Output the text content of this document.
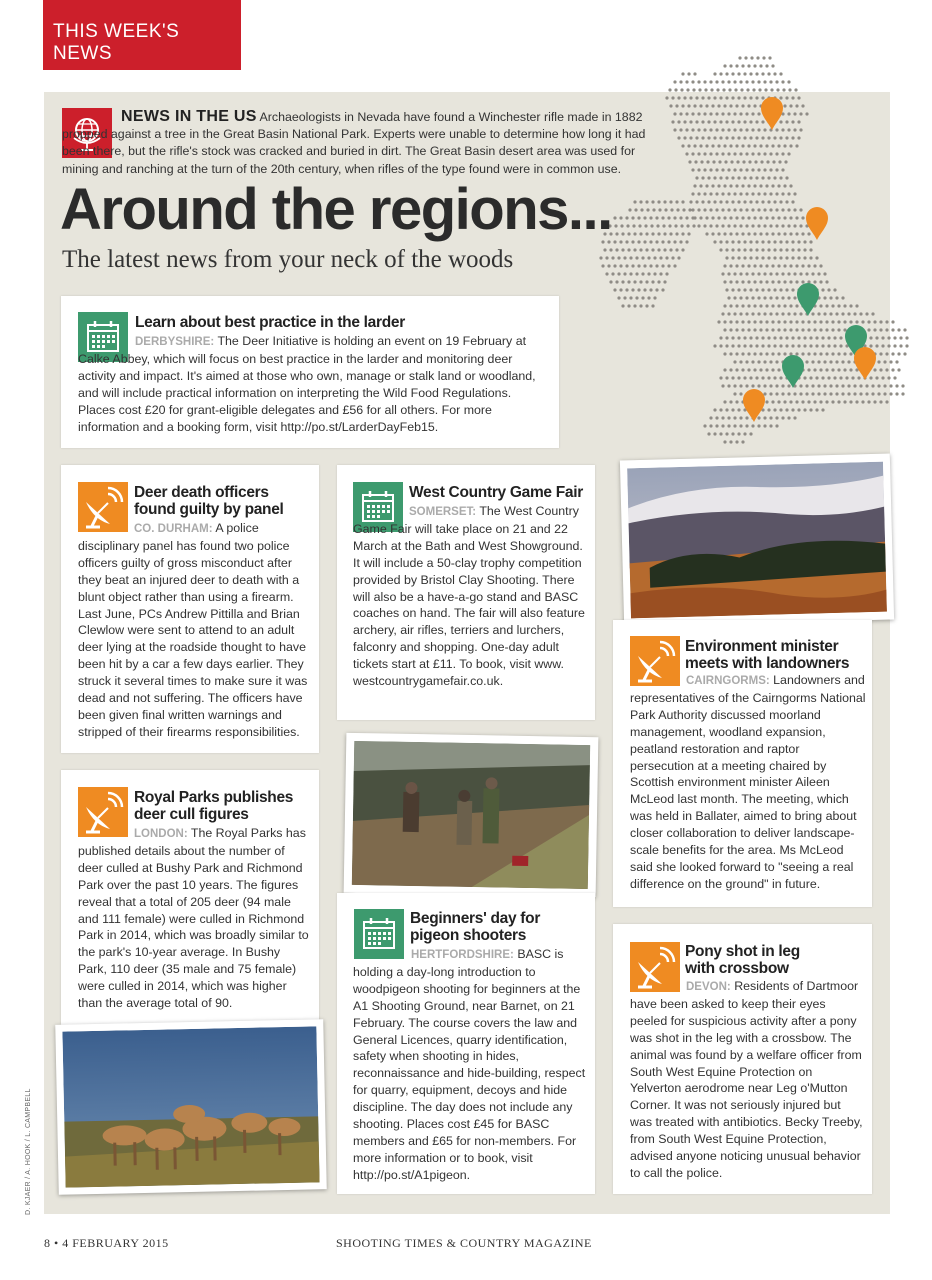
THIS WEEK'S NEWS
NEWS IN THE US Archaeologists in Nevada have found a Winchester rifle made in 1882 propped against a tree in the Great Basin National Park. Experts were unable to determine how long it had been there, but the rifle's stock was cracked and buried in dirt. The Great Basin desert area was used for mining and ranching at the turn of the 20th century, when rifles of the type found were in common use.
Around the regions...
The latest news from your neck of the woods
Learn about best practice in the larder
DERBYSHIRE: The Deer Initiative is holding an event on 19 February at Calke Abbey, which will focus on best practice in the larder and monitoring deer activity and impact. It's aimed at those who own, manage or stalk land or woodland, and will include practical information on interpreting the Wild Food Regulations. Places cost £20 for grant-eligible delegates and £56 for all others. For more information and a booking form, visit http://po.st/LarderDayFeb15.
Deer death officers
found guilty by panel
CO. DURHAM: A police disciplinary panel has found two police officers guilty of gross misconduct after they beat an injured deer to death with a blunt object rather than using a firearm. Last June, PCs Andrew Pittilla and Brian Clewlow were sent to attend to an adult deer lying at the roadside thought to have been hit by a car a few days earlier. They struck it several times to make sure it was dead and not suffering. The officers have been given final written warnings and stripped of their firearms responsibilities.
West Country Game Fair
SOMERSET: The West Country Game Fair will take place on 21 and 22 March at the Bath and West Showground. It will include a 50-clay trophy competition provided by Bristol Clay Shooting. There will also be a have-a-go stand and BASC coaches on hand. The fair will also feature archery, air rifles, terriers and lurchers, falconry and shopping. One-day adult tickets start at £11. To book, visit www. westcountrygamefair.co.uk.
Environment minister
meets with landowners
CAIRNGORMS: Landowners and representatives of the Cairngorms National Park Authority discussed moorland management, woodland expansion, peatland restoration and raptor persecution at a meeting chaired by Scottish environment minister Aileen McLeod last month. The meeting, which was held in Ballater, aimed to bring about closer collaboration to deliver landscape-scale benefits for the area. Ms McLeod said she looked forward to "seeing a real difference on the ground" in future.
Royal Parks publishes
deer cull figures
LONDON: The Royal Parks has published details about the number of deer culled at Bushy Park and Richmond Park over the past 10 years. The figures reveal that a total of 205 deer (94 male and 111 female) were culled in Richmond Park in 2014, which was broadly similar to the park's 10-year average. In Bushy Park, 110 deer (35 male and 75 female) were culled in 2014, which was higher than the average total of 90.
Beginners' day for
pigeon shooters
HERTFORDSHIRE: BASC is holding a day-long introduction to woodpigeon shooting for beginners at the A1 Shooting Ground, near Barnet, on 21 February. The course covers the law and General Licences, quarry identification, safety when shooting in hides, reconnaissance and hide-building, respect for quarry, equipment, decoys and hide discipline. The day does not include any shooting. Places cost £45 for BASC members and £65 for non-members. For more information or to book, visit http://po.st/A1pigeon.
Pony shot in leg
with crossbow
DEVON: Residents of Dartmoor have been asked to keep their eyes peeled for suspicious activity after a pony was shot in the leg with a crossbow. The animal was found by a welfare officer from South West Equine Protection on Yelverton aerodrome near Leg o'Mutton Corner. It was not seriously injured but was treated with antibiotics. Becky Treeby, from South West Equine Protection, advised anyone noticing unusual behavior to call the police.
D. KJAER / A. HOOK / L. CAMPBELL
8 • 4 FEBRUARY 2015	SHOOTING TIMES & COUNTRY MAGAZINE
